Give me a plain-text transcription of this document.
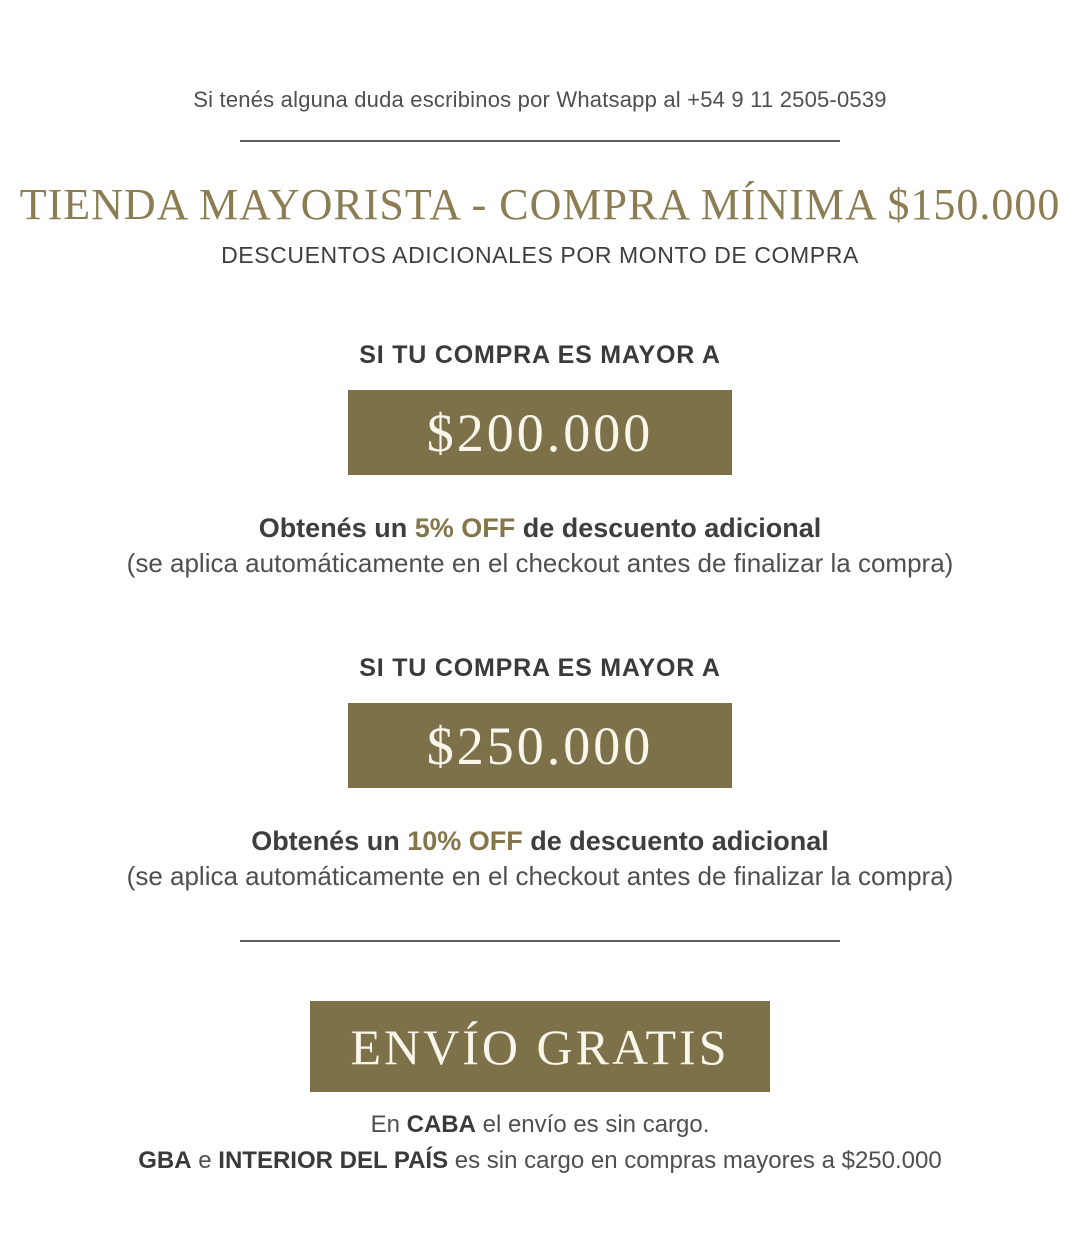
Si tenés alguna duda escribinos por Whatsapp al +54 9 11 2505-0539
TIENDA MAYORISTA - COMPRA MÍNIMA $150.000
DESCUENTOS ADICIONALES POR MONTO DE COMPRA
SI TU COMPRA ES MAYOR A
$200.000
Obtenés un 5% OFF de descuento adicional
(se aplica automáticamente en el checkout antes de finalizar la compra)
SI TU COMPRA ES MAYOR A
$250.000
Obtenés un 10% OFF de descuento adicional
(se aplica automáticamente en el checkout antes de finalizar la compra)
ENVÍO GRATIS
En CABA el envío es sin cargo.
GBA e INTERIOR DEL PAÍS es sin cargo en compras mayores a $250.000
